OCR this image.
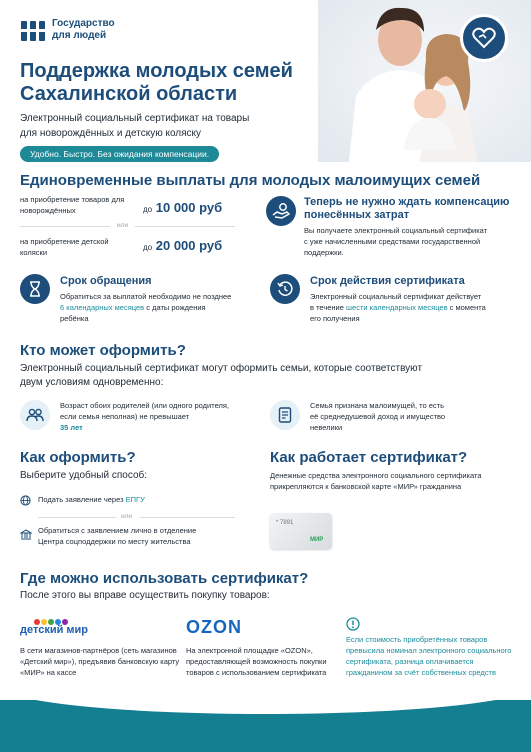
Государство
для людей
Поддержка молодых семей
Сахалинской области
Электронный социальный сертификат на товары
для новорождённых и детскую коляску
Удобно. Быстро. Без ожидания компенсации.
Единовременные выплаты для молодых малоимущих семей
на приобретение товаров для
новорождённых	до 10 000 руб
или
на приобретение детской
коляски
до 20 000 руб
Теперь не нужно ждать компенсацию
понесённых затрат
Вы получаете электронный социальный сертификат
с уже начисленными средствами государственной
поддержки.
Срок обращения
Обратиться за выплатой необходимо не позднее
6 календарных месяцев с даты рождения
ребёнка
Срок действия сертификата
Электронный социальный сертификат действует
в течение шести календарных месяцев с момента
его получения
Кто может оформить?
Электронный социальный сертификат могут оформить семьи, которые соответствуют
двум условиям одновременно:
Возраст обоих родителей (или одного родителя,
если семья неполная) не превышает
35 лет
Семья признана малоимущей, то есть
её среднедушевой доход и имущество
невелики
Как оформить?
Выберите удобный способ:
Подать заявление через ЕПГУ
или
Обратиться с заявлением лично в отделение
Центра соцподдержки по месту жительства
Как работает сертификат?
Денежные средства электронного социального сертификата
прикрепляются к банковской карте «МИР» гражданина
* 7891
МИР
Где можно использовать сертификат?
После этого вы вправе осуществить покупку товаров:
детский мир
В сети магазинов-партнёров (сеть магазинов
«Детский мир»), предъявив банковскую карту
«МИР» на кассе
OZON
На электронной площадке «OZON»,
предоставляющей возможность покупки
товаров с использованием сертификата
Если стоимость приобретённых товаров
превысила номинал электронного социального
сертификата, разница оплачивается
гражданином за счёт собственных средств
